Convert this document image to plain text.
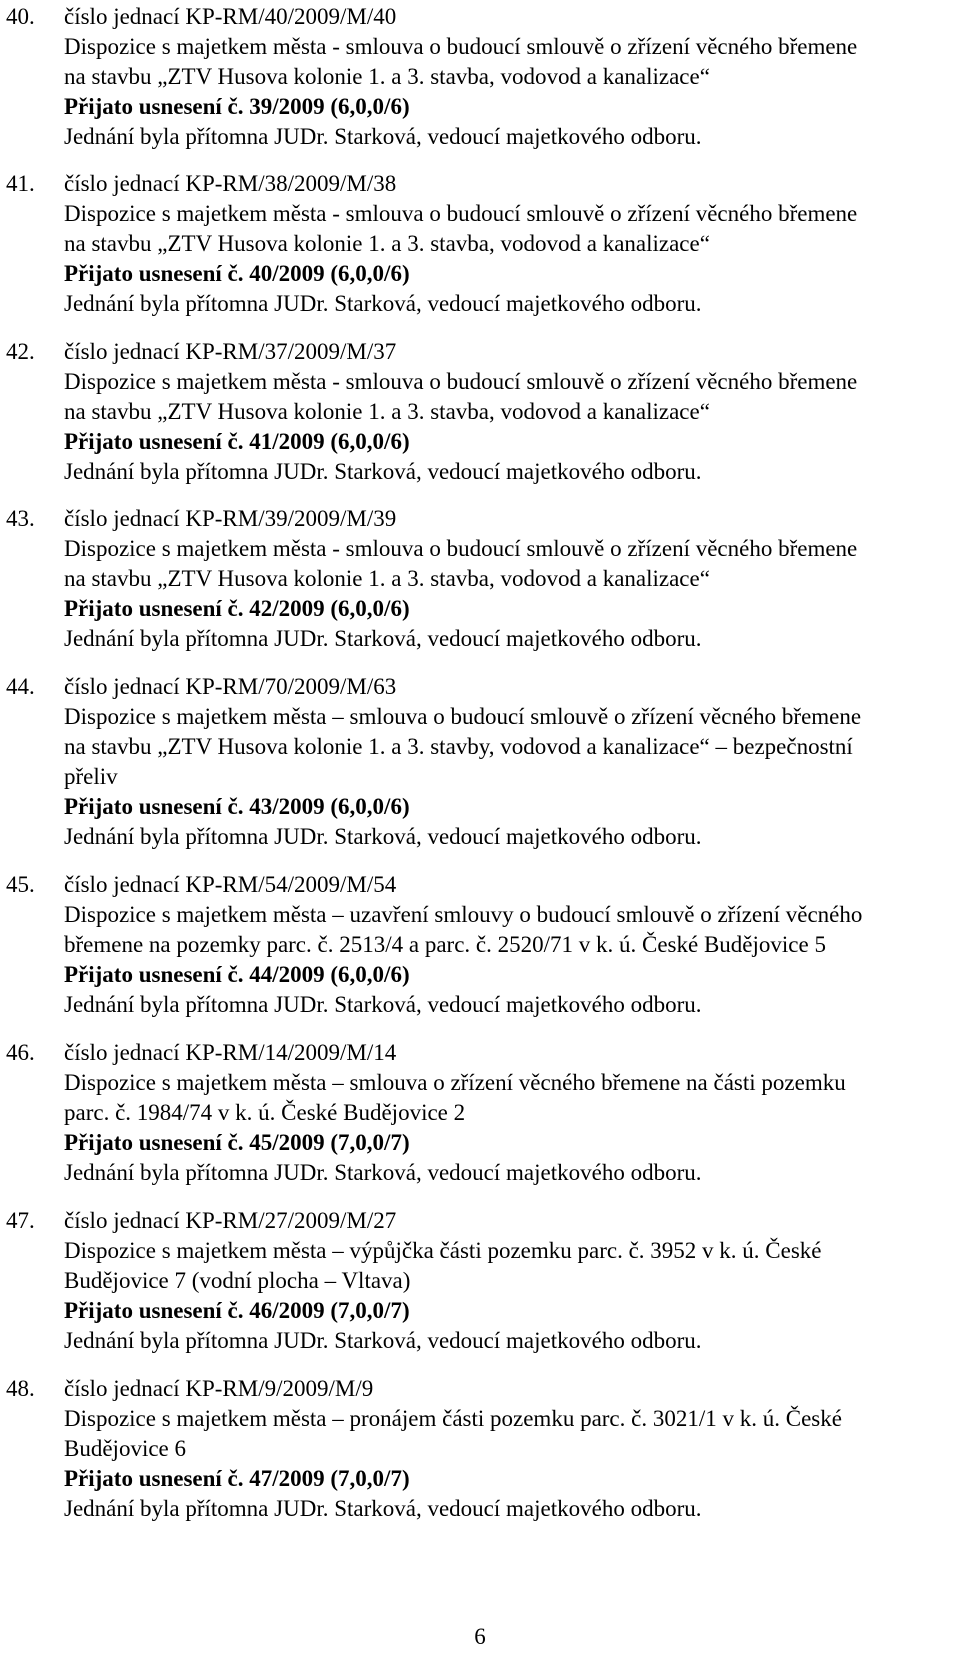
40. číslo jednací KP-RM/40/2009/M/40
Dispozice s majetkem města - smlouva o budoucí smlouvě o zřízení věcného břemene
na stavbu „ZTV Husova kolonie 1. a 3. stavba, vodovod a kanalizace“
Přijato usnesení č. 39/2009 (6,0,0/6)
Jednání byla přítomna JUDr. Starková, vedoucí majetkového odboru.
41. číslo jednací KP-RM/38/2009/M/38
Dispozice s majetkem města - smlouva o budoucí smlouvě o zřízení věcného břemene
na stavbu „ZTV Husova kolonie 1. a 3. stavba, vodovod a kanalizace“
Přijato usnesení č. 40/2009 (6,0,0/6)
Jednání byla přítomna JUDr. Starková, vedoucí majetkového odboru.
42. číslo jednací KP-RM/37/2009/M/37
Dispozice s majetkem města - smlouva o budoucí smlouvě o zřízení věcného břemene
na stavbu „ZTV Husova kolonie 1. a 3. stavba, vodovod a kanalizace“
Přijato usnesení č. 41/2009 (6,0,0/6)
Jednání byla přítomna JUDr. Starková, vedoucí majetkového odboru.
43. číslo jednací KP-RM/39/2009/M/39
Dispozice s majetkem města - smlouva o budoucí smlouvě o zřízení věcného břemene
na stavbu „ZTV Husova kolonie 1. a 3. stavba, vodovod a kanalizace“
Přijato usnesení č. 42/2009 (6,0,0/6)
Jednání byla přítomna JUDr. Starková, vedoucí majetkového odboru.
44. číslo jednací KP-RM/70/2009/M/63
Dispozice s majetkem města – smlouva o budoucí smlouvě o zřízení věcného břemene
na stavbu „ZTV Husova kolonie 1. a 3. stavby, vodovod a kanalizace“ – bezpečnostní
přeliv
Přijato usnesení č. 43/2009 (6,0,0/6)
Jednání byla přítomna JUDr. Starková, vedoucí majetkového odboru.
45. číslo jednací KP-RM/54/2009/M/54
Dispozice s majetkem města – uzavření smlouvy o budoucí smlouvě o zřízení věcného
břemene na pozemky parc. č. 2513/4 a parc. č. 2520/71 v k. ú. České Budějovice 5
Přijato usnesení č. 44/2009 (6,0,0/6)
Jednání byla přítomna JUDr. Starková, vedoucí majetkového odboru.
46. číslo jednací KP-RM/14/2009/M/14
Dispozice s majetkem města – smlouva o zřízení věcného břemene na části pozemku
parc. č. 1984/74 v k. ú. České Budějovice 2
Přijato usnesení č. 45/2009 (7,0,0/7)
Jednání byla přítomna JUDr. Starková, vedoucí majetkového odboru.
47. číslo jednací KP-RM/27/2009/M/27
Dispozice s majetkem města – výpůjčka části pozemku parc. č. 3952 v k. ú. České
Budějovice 7 (vodní plocha – Vltava)
Přijato usnesení č. 46/2009 (7,0,0/7)
Jednání byla přítomna JUDr. Starková, vedoucí majetkového odboru.
48. číslo jednací KP-RM/9/2009/M/9
Dispozice s majetkem města – pronájem části pozemku parc. č. 3021/1 v k. ú. České
Budějovice 6
Přijato usnesení č. 47/2009 (7,0,0/7)
Jednání byla přítomna JUDr. Starková, vedoucí majetkového odboru.
6
